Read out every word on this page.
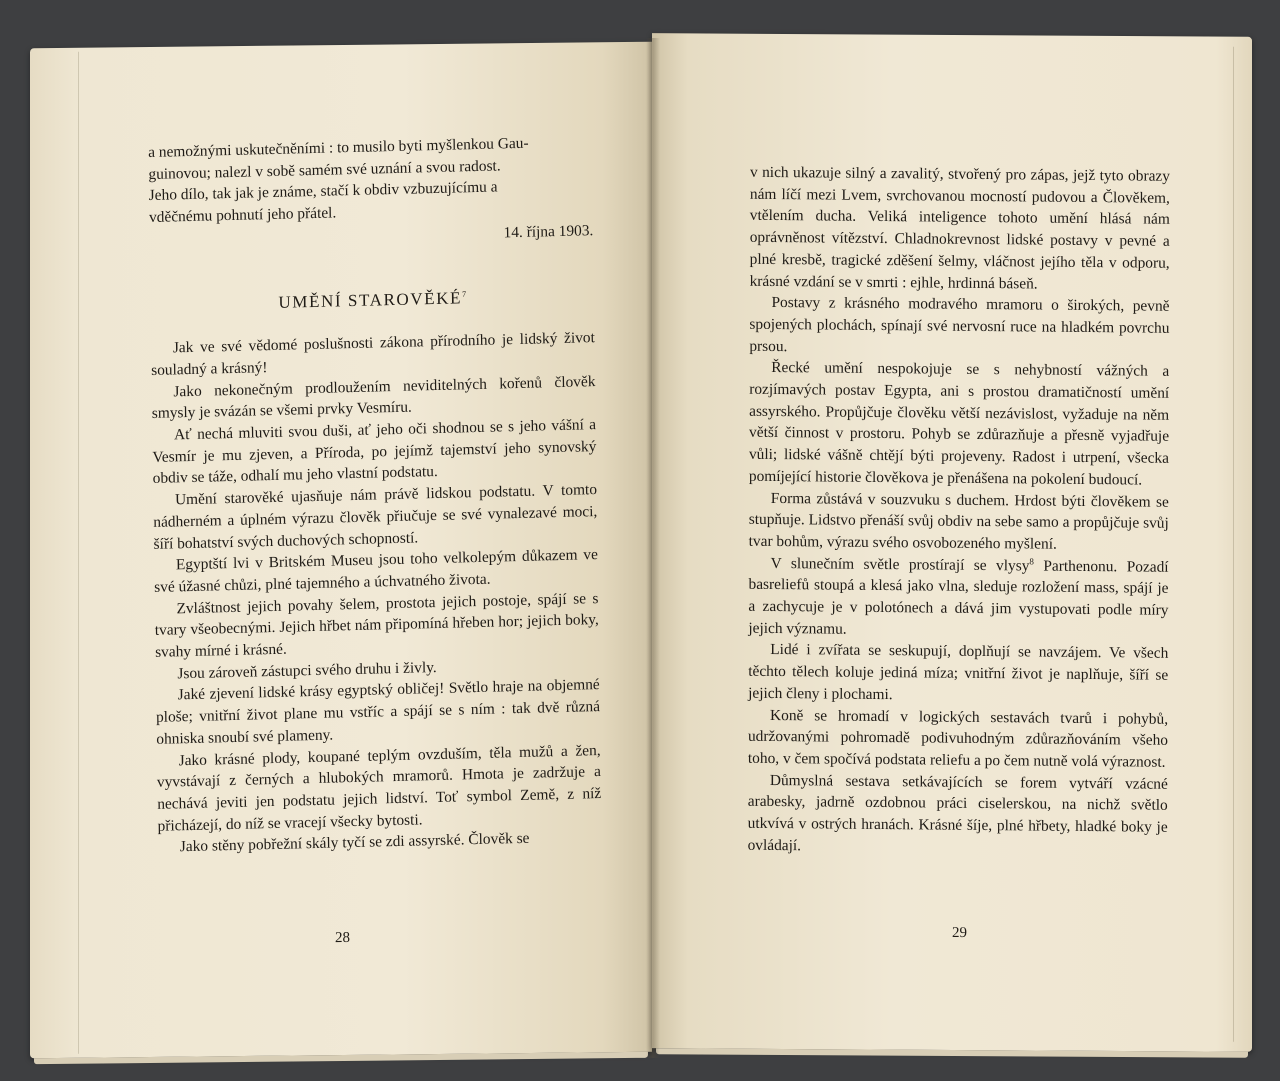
a nemožnými uskutečněními : to musilo byti myšlenkou Gau-

guinovou; nalezl v sobě samém své uznání a svou radost.

Jeho dílo, tak jak je známe, stačí k obdiv vzbuzujícímu a

vděčnému pohnutí jeho přátel.

14. října 1903.

UMĚNÍ STAROVĚKÉ$^7$

Jak ve své vědomé poslušnosti zákona přírodního je lidský život souladný a krásný!

Jako nekonečným prodloužením neviditelných kořenů člověk smysly je svázán se všemi prvky Vesmíru.

Ať nechá mluviti svou duši, ať jeho oči shodnou se s jeho vášní a Vesmír je mu zjeven, a Příroda, po jejímž tajemství jeho synovský obdiv se táže, odhalí mu jeho vlastní podstatu.

Umění starověké ujasňuje nám právě lidskou podstatu. V tomto nádherném a úplném výrazu člověk přiučuje se své vynalezavé moci, šíří bohatství svých duchových schopností.

Egyptští lvi v Britském Museu jsou toho velkolepým důkazem ve své úžasné chůzi, plné tajemného a úchvatného života.

Zvláštnost jejich povahy šelem, prostota jejich postoje, spájí se s tvary všeobecnými. Jejich hřbet nám připomíná hřeben hor; jejich boky, svahy mírné i krásné.

Jsou zároveň zástupci svého druhu i živly.

Jaké zjevení lidské krásy egyptský obličej! Světlo hraje na objemné ploše; vnitřní život plane mu vstříc a spájí se s ním : tak dvě různá ohniska snoubí své plameny.

Jako krásné plody, koupané teplým ovzduším, těla mužů a žen, vyvstávají z černých a hlubokých mramorů. Hmota je zadržuje a nechává jeviti jen podstatu jejich lidství. Toť symbol Země, z níž přicházejí, do níž se vracejí všecky bytosti.

Jako stěny pobřežní skály tyčí se zdi assyrské. Člověk se

28

v nich ukazuje silný a zavalitý, stvořený pro zápas, jejž tyto obrazy nám líčí mezi Lvem, svrchovanou mocností pudovou a Člověkem, vtělením ducha. Veliká inteligence tohoto umění hlásá nám oprávněnost vítězství. Chladnokrevnost lidské postavy v pevné a plné kresbě, tragické zděšení šelmy, vláčnost jejího těla v odporu, krásné vzdání se v smrti : ejhle, hrdinná báseň.

Postavy z krásného modravého mramoru o širokých, pevně spojených plochách, spínají své nervosní ruce na hladkém povrchu prsou.

Řecké umění nespokojuje se s nehybností vážných a rozjímavých postav Egypta, ani s prostou dramatičností umění assyrského. Propůjčuje člověku větší nezávislost, vyžaduje na něm větší činnost v prostoru. Pohyb se zdůrazňuje a přesně vyjadřuje vůli; lidské vášně chtějí býti projeveny. Radost i utrpení, všecka pomíjející historie člověkova je přenášena na pokolení budoucí.

Forma zůstává v souzvuku s duchem. Hrdost býti člověkem se stupňuje. Lidstvo přenáší svůj obdiv na sebe samo a propůjčuje svůj tvar bohům, výrazu svého osvobozeného myšlení.

V slunečním světle prostírají se vlysy$^8$ Parthenonu. Pozadí basreliefů stoupá a klesá jako vlna, sleduje rozložení mass, spájí je a zachycuje je v polotónech a dává jim vystupovati podle míry jejich významu.

Lidé i zvířata se seskupují, doplňují se navzájem. Ve všech těchto tělech koluje jediná míza; vnitřní život je naplňuje, šíří se jejich členy i plochami.

Koně se hromadí v logických sestavách tvarů i pohybů, udržovanými pohromadě podivuhodným zdůrazňováním všeho toho, v čem spočívá podstata reliefu a po čem nutně volá výraznost.

Důmyslná sestava setkávajících se forem vytváří vzácné arabesky, jadrně ozdobnou práci ciselerskou, na nichž světlo utkvívá v ostrých hranách. Krásné šíje, plné hřbety, hladké boky je ovládají.

29
